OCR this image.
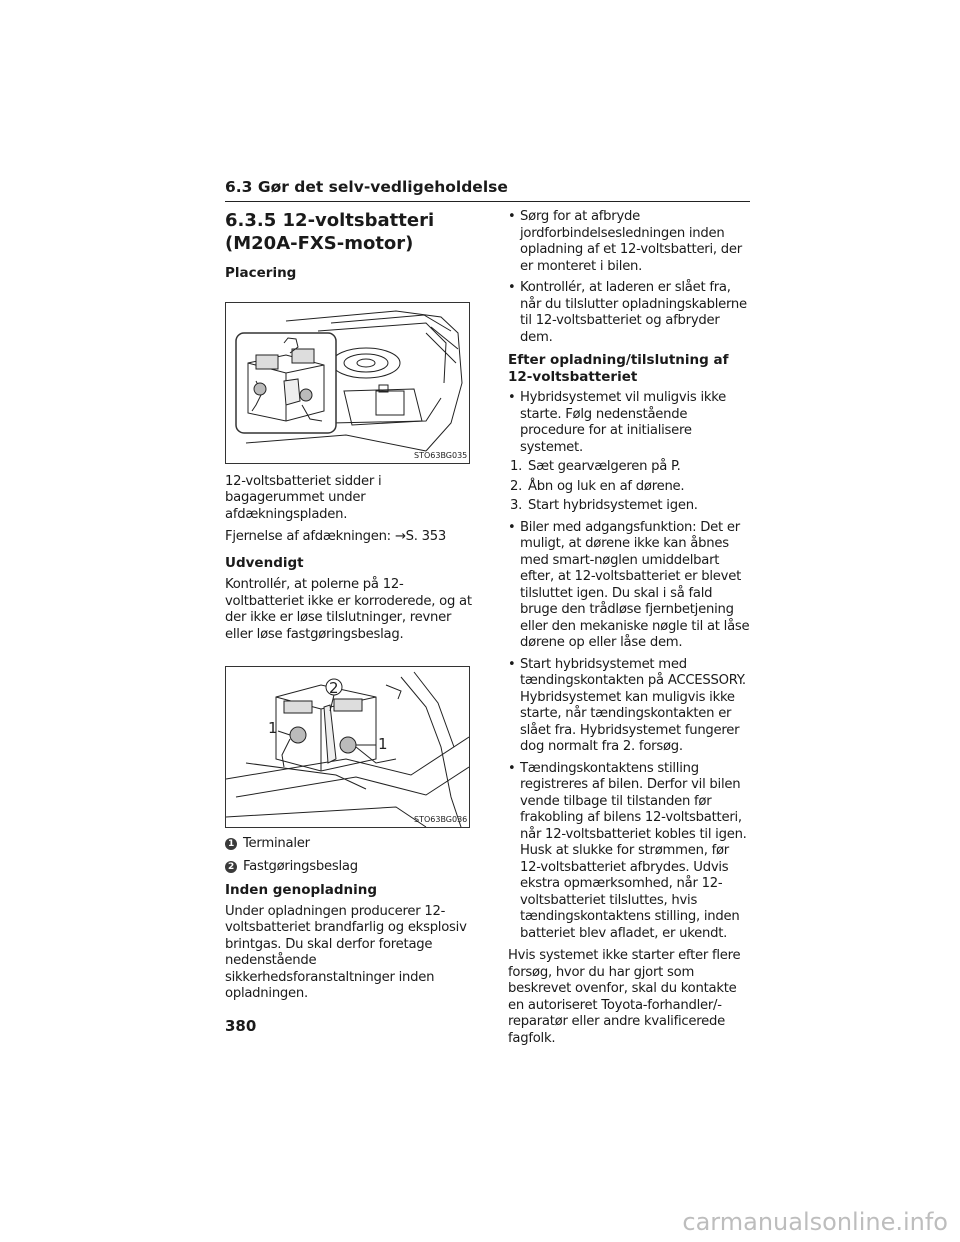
6.3 Gør det selv-vedligeholdelse
6.3.5 12-voltsbatteri
(M20A-FXS-motor)
Placering
STO63BG035
12-voltsbatteriet sidder i bagagerummet under afdækningspladen.
Fjernelse af afdækningen: →S. 353
Udvendigt
Kontrollér, at polerne på 12-voltbatteriet ikke er korroderede, og at der ikke er løse tilslutninger, revner eller løse fastgøringsbeslag.
2
1
1
STO63BG036
1 Terminaler
2 Fastgøringsbeslag
Inden genopladning
Under opladningen producerer 12-voltsbatteriet brandfarlig og eksplosiv brintgas. Du skal derfor foretage nedenstående sikkerhedsforanstaltninger inden opladningen.
• Sørg for at afbryde jordforbindelsesledningen inden opladning af et 12-voltsbatteri, der er monteret i bilen.
• Kontrollér, at laderen er slået fra, når du tilslutter opladningskablerne til 12-voltsbatteriet og afbryder dem.
Efter opladning/tilslutning af 12-voltsbatteriet
• Hybridsystemet vil muligvis ikke starte. Følg nedenstående procedure for at initialisere systemet.
1. Sæt gearvælgeren på P.
2. Åbn og luk en af dørene.
3. Start hybridsystemet igen.
• Biler med adgangsfunktion: Det er muligt, at dørene ikke kan åbnes med smart-nøglen umiddelbart efter, at 12-voltsbatteriet er blevet tilsluttet igen. Du skal i så fald bruge den trådløse fjernbetjening eller den mekaniske nøgle til at låse dørene op eller låse dem.
• Start hybridsystemet med tændingskontakten på ACCESSORY. Hybridsystemet kan muligvis ikke starte, når tændingskontakten er slået fra. Hybridsystemet fungerer dog normalt fra 2. forsøg.
• Tændingskontaktens stilling registreres af bilen. Derfor vil bilen vende tilbage til tilstanden før frakobling af bilens 12-voltsbatteri, når 12-voltsbatteriet kobles til igen. Husk at slukke for strømmen, før 12-voltsbatteriet afbrydes. Udvis ekstra opmærksomhed, når 12-voltsbatteriet tilsluttes, hvis tændingskontaktens stilling, inden batteriet blev afladet, er ukendt.
Hvis systemet ikke starter efter flere forsøg, hvor du har gjort som beskrevet ovenfor, skal du kontakte en autoriseret Toyota-forhandler/-reparatør eller andre kvalificerede fagfolk.
380
carmanualsonline.info
